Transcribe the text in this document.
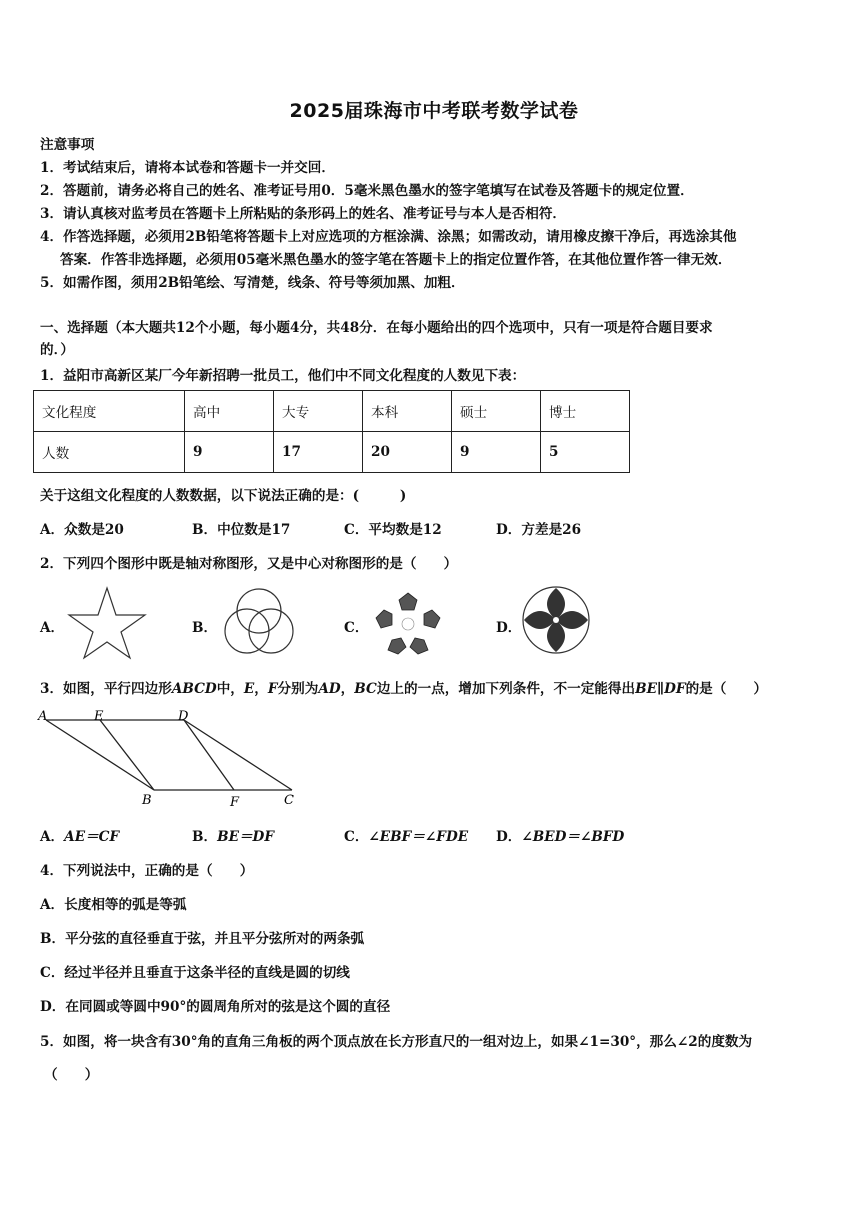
2025届珠海市中考联考数学试卷
注意事项
1．考试结束后，请将本试卷和答题卡一并交回．
2．答题前，请务必将自己的姓名、准考证号用0．5毫米黑色墨水的签字笔填写在试卷及答题卡的规定位置．
3．请认真核对监考员在答题卡上所粘贴的条形码上的姓名、准考证号与本人是否相符．
4．作答选择题，必须用2B铅笔将答题卡上对应选项的方框涂满、涂黑；如需改动，请用橡皮擦干净后，再选涂其他
答案．作答非选择题，必须用05毫米黑色墨水的签字笔在答题卡上的指定位置作答，在其他位置作答一律无效．
5．如需作图，须用2B铅笔绘、写清楚，线条、符号等须加黑、加粗．
一、选择题（本大题共12个小题，每小题4分，共48分．在每小题给出的四个选项中，只有一项是符合题目要求
的．）
1．益阳市高新区某厂今年新招聘一批员工，他们中不同文化程度的人数见下表：
文化程度	高中	大专	本科	硕士	博士
人数	9	17	20	9	5
关于这组文化程度的人数数据，以下说法正确的是：(　　　)
A．众数是20	B．中位数是17	C．平均数是12	D．方差是26
2．下列四个图形中既是轴对称图形，又是中心对称图形的是（　　）
A．	B．	C．	D．
3．如图，平行四边形ABCD中，E，F分别为AD，BC边上的一点，增加下列条件，不一定能得出BE∥DF的是（　　）
A	E	D
B	F	C
A．AE＝CF	B．BE＝DF	C．∠EBF＝∠FDE D．∠BED＝∠BFD
4．下列说法中，正确的是（　　）
A．长度相等的弧是等弧
B．平分弦的直径垂直于弦，并且平分弦所对的两条弧
C．经过半径并且垂直于这条半径的直线是圆的切线
D．在同圆或等圆中90°的圆周角所对的弦是这个圆的直径
5．如图，将一块含有30°角的直角三角板的两个顶点放在长方形直尺的一组对边上，如果∠1=30°，那么∠2的度数为
（　　）
